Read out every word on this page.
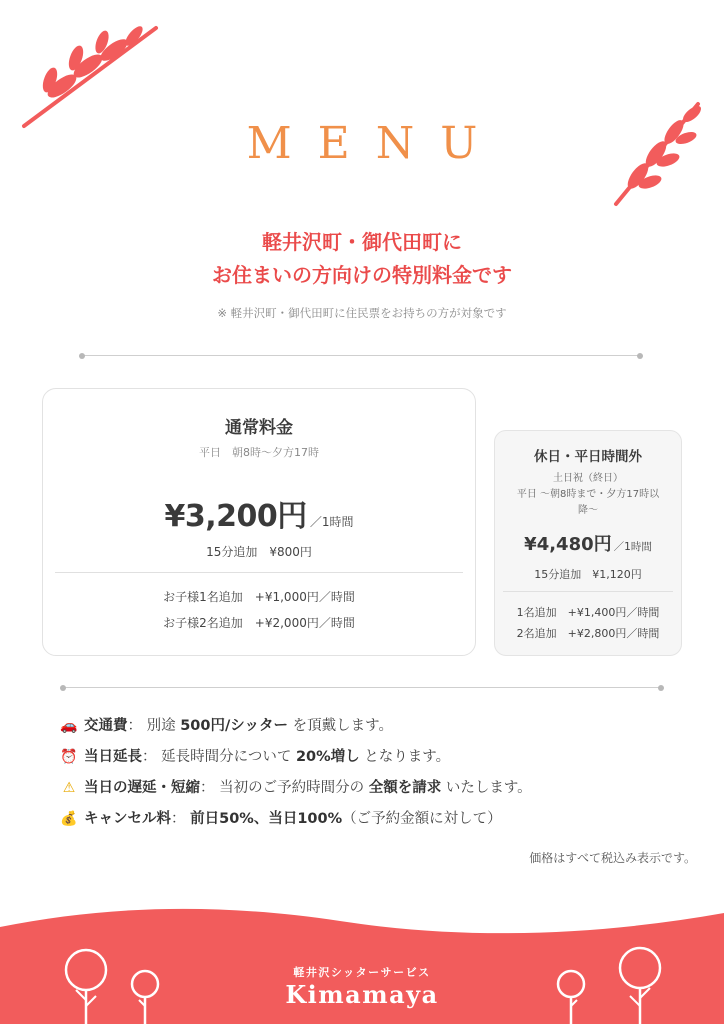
MENU
軽井沢町・御代田町に
お住まいの方向けの特別料金です
※ 軽井沢町・御代田町に住民票をお持ちの方が対象です
通常料金
平日　朝8時〜夕方17時
¥3,200円 ／1時間
15分追加　¥800円
お子様1名追加　+¥1,000円／時間
お子様2名追加　+¥2,000円／時間
休日・平日時間外
土日祝（終日）
平日 〜朝8時まで・夕方17時以
降〜
¥4,480円 ／1時間
15分追加　¥1,120円
1名追加　+¥1,400円／時間
2名追加　+¥2,800円／時間
🚗 交通費： 別途 500円/シッター を頂戴します。
⏰ 当日延長： 延長時間分について 20%増し となります。
⚠ 当日の遅延・短縮： 当初のご予約時間分の 全額を請求 いたします。
💰 キャンセル料： 前日50%、当日100%（ご予約金額に対して）
価格はすべて税込み表示です。
軽井沢シッターサービス
Kimamaya
